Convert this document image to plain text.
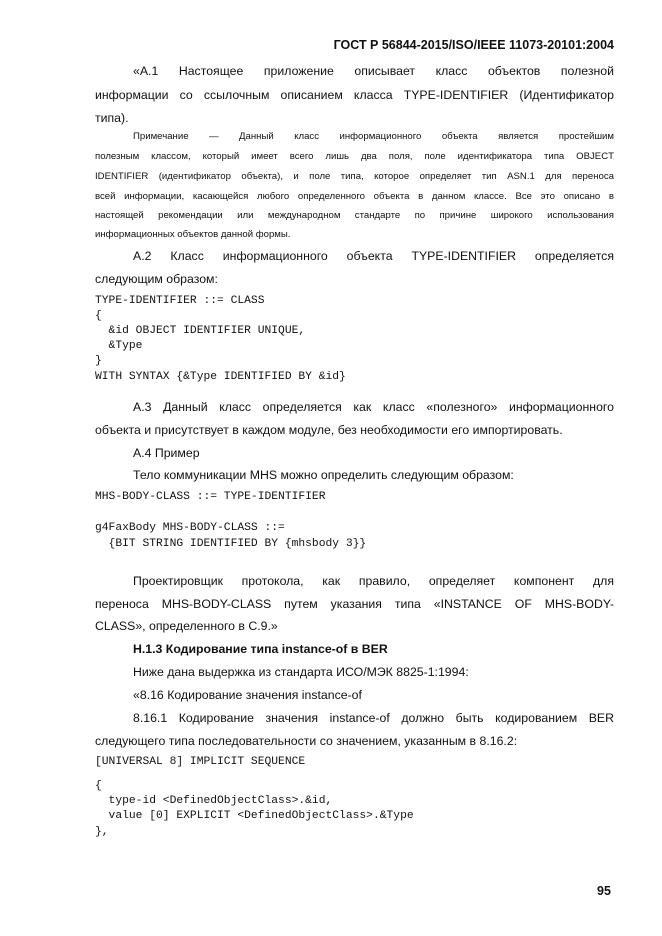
ГОСТ Р 56844-2015/ISO/IEEE 11073-20101:2004
«А.1 Настоящее приложение описывает класс объектов полезной
информации со ссылочным описанием класса TYPE-IDENTIFIER (Идентификатор
типа).
Примечание — Данный класс информационного объекта является простейшим
полезным классом, который имеет всего лишь два поля, поле идентификатора типа OBJECT
IDENTIFIER (идентификатор объекта), и поле типа, которое определяет тип ASN.1 для переноса
всей информации, касающейся любого определенного объекта в данном классе. Все это описано в
настоящей рекомендации или международном стандарте по причине широкого использования
информационных объектов данной формы.
А.2 Класс информационного объекта TYPE-IDENTIFIER определяется
следующим образом:
TYPE-IDENTIFIER ::= CLASS
{
&id OBJECT IDENTIFIER UNIQUE,
&Type
}
WITH SYNTAX {&Type IDENTIFIED BY &id}
А.3 Данный класс определяется как класс «полезного» информационного
объекта и присутствует в каждом модуле, без необходимости его импортировать.
А.4 Пример
Тело коммуникации MHS можно определить следующим образом:
MHS-BODY-CLASS ::= TYPE-IDENTIFIER
g4FaxBody MHS-BODY-CLASS ::=
{BIT STRING IDENTIFIED BY {mhsbody 3}}
Проектировщик протокола, как правило, определяет компонент для
переноса MHS-BODY-CLASS путем указания типа «INSTANCE OF MHS-BODY-
CLASS», определенного в С.9.»
Н.1.3 Кодирование типа instance-of в BER
Ниже дана выдержка из стандарта ИСО/МЭК 8825-1:1994:
«8.16 Кодирование значения instance-of
8.16.1 Кодирование значения instance-of должно быть кодированием BER
следующего типа последовательности со значением, указанным в 8.16.2:
[UNIVERSAL 8] IMPLICIT SEQUENCE
{
type-id <DefinedObjectClass>.&id,
value [0] EXPLICIT <DefinedObjectClass>.&Type
},
95
